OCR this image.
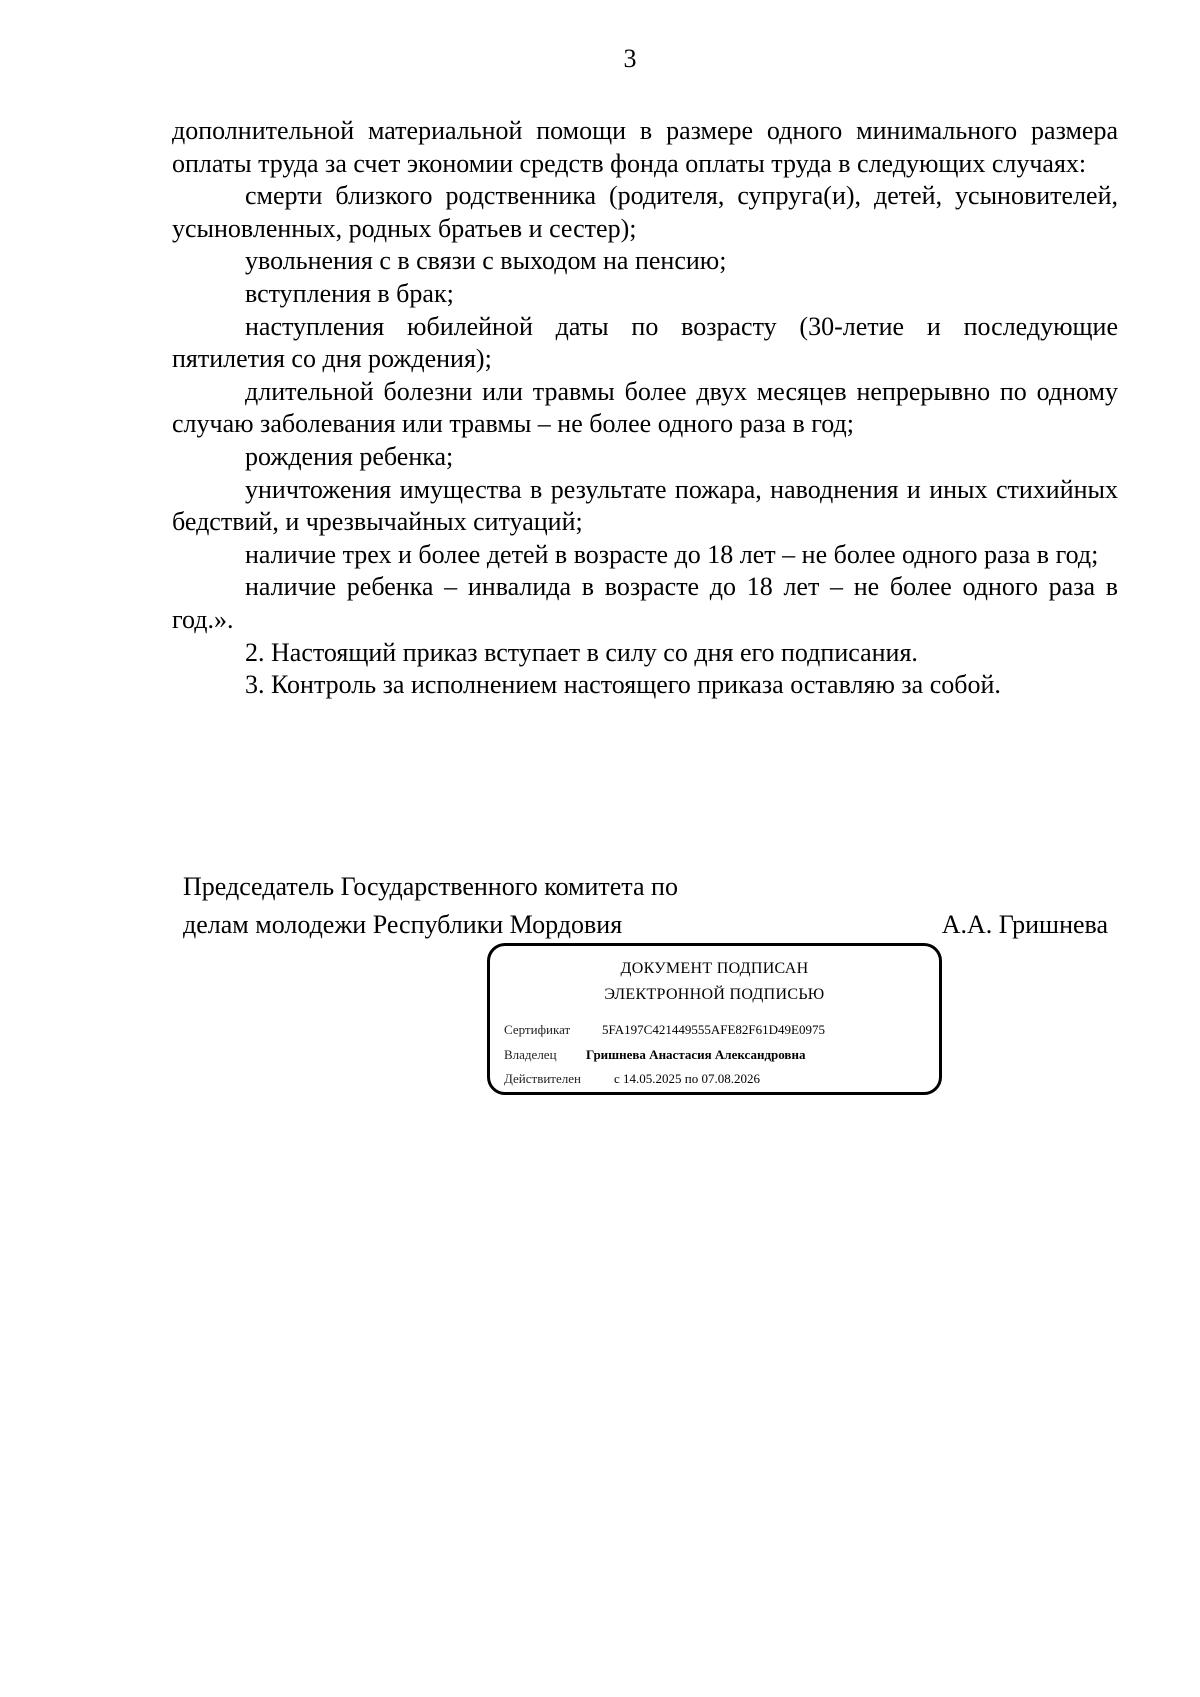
3

дополнительной материальной помощи в размере одного минимального размера оплаты труда за счет экономии средств фонда оплаты труда в следующих случаях:

смерти близкого родственника (родителя, супруга(и), детей, усыновителей, усыновленных, родных братьев и сестер);

увольнения с в связи с выходом на пенсию;

вступления в брак;

наступления юбилейной даты по возрасту (30-летие и последующие пятилетия со дня рождения);

длительной болезни или травмы более двух месяцев непрерывно по одному случаю заболевания или травмы – не более одного раза в год;

рождения ребенка;

уничтожения имущества в результате пожара, наводнения и иных стихийных бедствий, и чрезвычайных ситуаций;

наличие трех и более детей в возрасте до 18 лет – не более одного раза в год;

наличие ребенка – инвалида в возрасте до 18 лет – не более одного раза в год.».

2. Настоящий приказ вступает в силу со дня его подписания.

3. Контроль за исполнением настоящего приказа оставляю за собой.

Председатель Государственного комитета по
делам молодежи Республики Мордовия	А.А. Гришнева
ДОКУМЕНТ ПОДПИСАН
ЭЛЕКТРОННОЙ ПОДПИСЬЮ
Сертификат 5FA197C421449555AFE82F61D49E0975
Владелец Гришнева Анастасия Александровна
Действителен	с 14.05.2025 по 07.08.2026
